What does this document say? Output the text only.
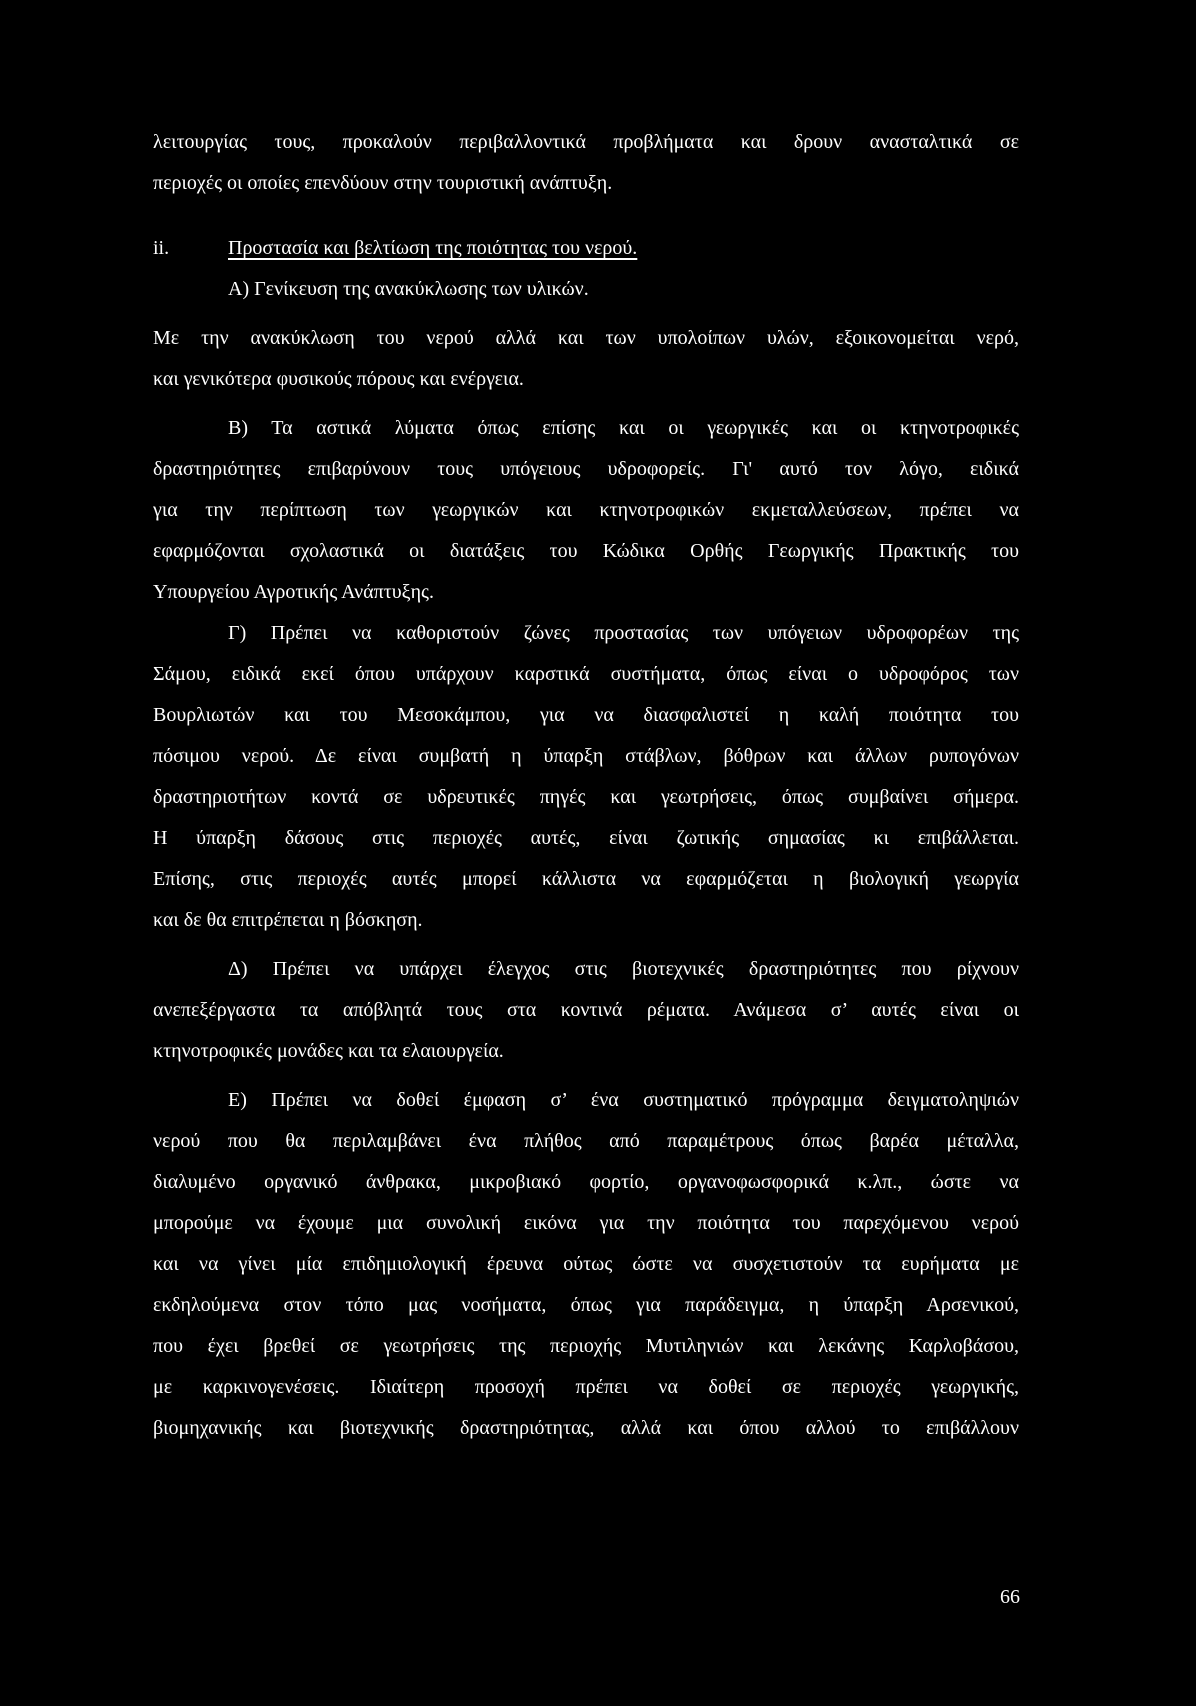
λειτουργίας τους, προκαλούν περιβαλλοντικά προβλήματα και δρουν ανασταλτικά σε
περιοχές οι οποίες επενδύουν στην τουριστική ανάπτυξη.
ii.	Προστασία και βελτίωση της ποιότητας του νερού.
Α) Γενίκευση της ανακύκλωσης των υλικών.
Με την ανακύκλωση του νερού αλλά και των υπολοίπων υλών, εξοικονομείται νερό,
και γενικότερα φυσικούς πόρους και ενέργεια.
Β) Τα αστικά λύματα όπως επίσης και οι γεωργικές και οι κτηνοτροφικές
δραστηριότητες επιβαρύνουν τους υπόγειους υδροφορείς. Γι' αυτό τον λόγο, ειδικά
για την περίπτωση των γεωργικών και κτηνοτροφικών εκμεταλλεύσεων, πρέπει να
εφαρμόζονται σχολαστικά οι διατάξεις του Κώδικα Ορθής Γεωργικής Πρακτικής του
Υπουργείου Αγροτικής Ανάπτυξης.
Γ) Πρέπει να καθοριστούν ζώνες προστασίας των υπόγειων υδροφορέων της
Σάμου, ειδικά εκεί όπου υπάρχουν καρστικά συστήματα, όπως είναι ο υδροφόρος των
Βουρλιωτών και του Μεσοκάμπου, για να διασφαλιστεί η καλή ποιότητα του
πόσιμου νερού. Δε είναι συμβατή η ύπαρξη στάβλων, βόθρων και άλλων ρυπογόνων
δραστηριοτήτων κοντά σε υδρευτικές πηγές και γεωτρήσεις, όπως συμβαίνει σήμερα.
Η ύπαρξη δάσους στις περιοχές αυτές, είναι ζωτικής σημασίας κι επιβάλλεται.
Επίσης, στις περιοχές αυτές μπορεί κάλλιστα να εφαρμόζεται η βιολογική γεωργία
και δε θα επιτρέπεται η βόσκηση.
Δ) Πρέπει να υπάρχει έλεγχος στις βιοτεχνικές δραστηριότητες που ρίχνουν
ανεπεξέργαστα τα απόβλητά τους στα κοντινά ρέματα. Ανάμεσα σ’ αυτές είναι οι
κτηνοτροφικές μονάδες και τα ελαιουργεία.
Ε) Πρέπει να δοθεί έμφαση σ’ ένα συστηματικό πρόγραμμα δειγματοληψιών
νερού που θα περιλαμβάνει ένα πλήθος από παραμέτρους όπως βαρέα μέταλλα,
διαλυμένο οργανικό άνθρακα, μικροβιακό φορτίο, οργανοφωσφορικά κ.λπ., ώστε να
μπορούμε να έχουμε μια συνολική εικόνα για την ποιότητα του παρεχόμενου νερού
και να γίνει μία επιδημιολογική έρευνα ούτως ώστε να συσχετιστούν τα ευρήματα με
εκδηλούμενα στον τόπο μας νοσήματα, όπως για παράδειγμα, η ύπαρξη Αρσενικού,
που έχει βρεθεί σε γεωτρήσεις της περιοχής Μυτιληνιών και λεκάνης Καρλοβάσου,
με καρκινογενέσεις. Ιδιαίτερη προσοχή πρέπει να δοθεί σε περιοχές γεωργικής,
βιομηχανικής και βιοτεχνικής δραστηριότητας, αλλά και όπου αλλού το επιβάλλουν
66
